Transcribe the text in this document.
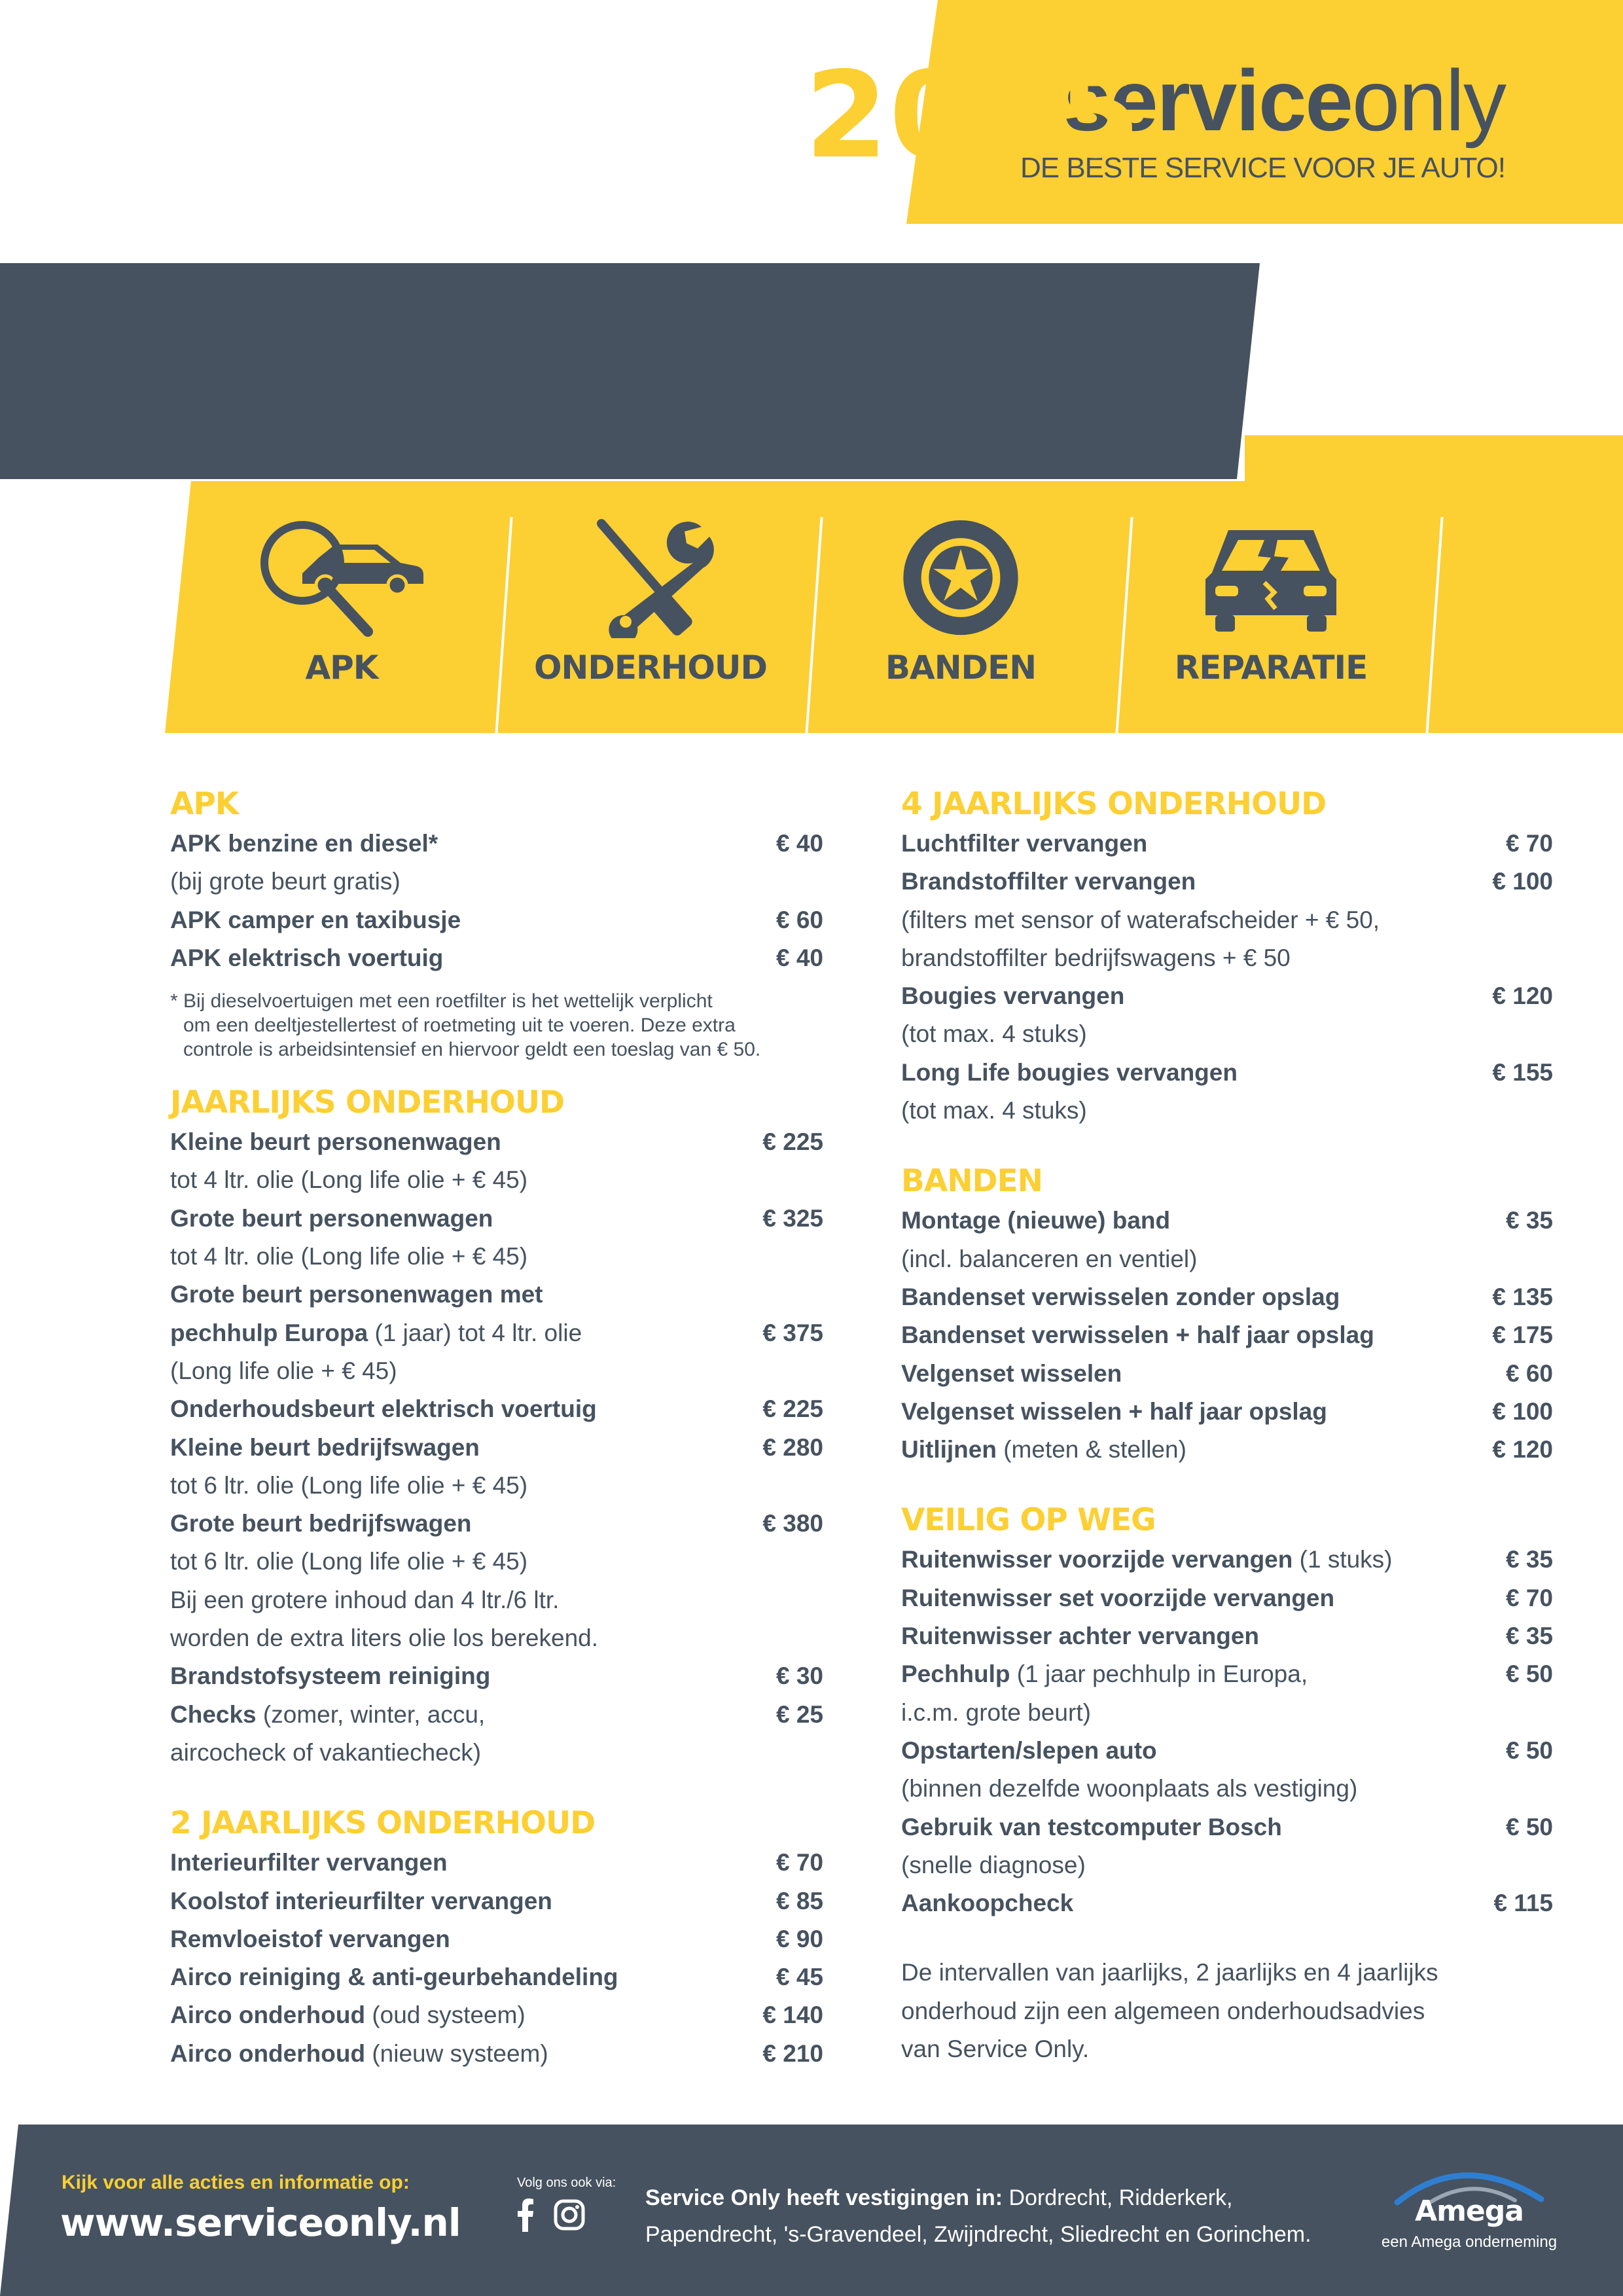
serviceonly
DE BESTE SERVICE VOOR JE AUTO!
PRIJSLIJST 2025
APK	ONDERHOUD	BANDEN	REPARATIE
APK
APK benzine en diesel*	€ 40
(bij grote beurt gratis)
APK camper en taxibusje	€ 60
APK elektrisch voertuig	€ 40
* Bij dieselvoertuigen met een roetfilter is het wettelijk verplicht
om een deeltjestellertest of roetmeting uit te voeren. Deze extra
controle is arbeidsintensief en hiervoor geldt een toeslag van € 50.
JAARLIJKS ONDERHOUD
Kleine beurt personenwagen	€ 225
tot 4 ltr. olie (Long life olie + € 45)
Grote beurt personenwagen	€ 325
tot 4 ltr. olie (Long life olie + € 45)
Grote beurt personenwagen met
pechhulp Europa (1 jaar) tot 4 ltr. olie	€ 375
(Long life olie + € 45)
Onderhoudsbeurt elektrisch voertuig	€ 225
Kleine beurt bedrijfswagen	€ 280
tot 6 ltr. olie (Long life olie + € 45)
Grote beurt bedrijfswagen	€ 380
tot 6 ltr. olie (Long life olie + € 45)
Bij een grotere inhoud dan 4 ltr./6 ltr.
worden de extra liters olie los berekend.
Brandstofsysteem reiniging	€ 30
Checks (zomer, winter, accu,	€ 25
aircocheck of vakantiecheck)
2 JAARLIJKS ONDERHOUD
Interieurfilter vervangen	€ 70
Koolstof interieurfilter vervangen	€ 85
Remvloeistof vervangen	€ 90
Airco reiniging & anti-geurbehandeling	€ 45
Airco onderhoud (oud systeem)	€ 140
Airco onderhoud (nieuw systeem)	€ 210
4 JAARLIJKS ONDERHOUD
Luchtfilter vervangen	€ 70
Brandstoffilter vervangen	€ 100
(filters met sensor of waterafscheider + € 50,
brandstoffilter bedrijfswagens + € 50
Bougies vervangen	€ 120
(tot max. 4 stuks)
Long Life bougies vervangen	€ 155
(tot max. 4 stuks)
BANDEN
Montage (nieuwe) band	€ 35
(incl. balanceren en ventiel)
Bandenset verwisselen zonder opslag	€ 135
Bandenset verwisselen + half jaar opslag	€ 175
Velgenset wisselen	€ 60
Velgenset wisselen + half jaar opslag	€ 100
Uitlijnen (meten & stellen)	€ 120
VEILIG OP WEG
Ruitenwisser voorzijde vervangen (1 stuks)	€ 35
Ruitenwisser set voorzijde vervangen	€ 70
Ruitenwisser achter vervangen	€ 35
Pechhulp (1 jaar pechhulp in Europa,	€ 50
i.c.m. grote beurt)
Opstarten/slepen auto	€ 50
(binnen dezelfde woonplaats als vestiging)
Gebruik van testcomputer Bosch	€ 50
(snelle diagnose)
Aankoopcheck	€ 115
De intervallen van jaarlijks, 2 jaarlijks en 4 jaarlijks
onderhoud zijn een algemeen onderhoudsadvies
van Service Only.
Kijk voor alle acties en informatie op:
www.serviceonly.nl
Volg ons ook via:
Service Only heeft vestigingen in: Dordrecht, Ridderkerk,
Papendrecht, 's-Gravendeel, Zwijndrecht, Sliedrecht en Gorinchem.
Amega
een Amega onderneming
